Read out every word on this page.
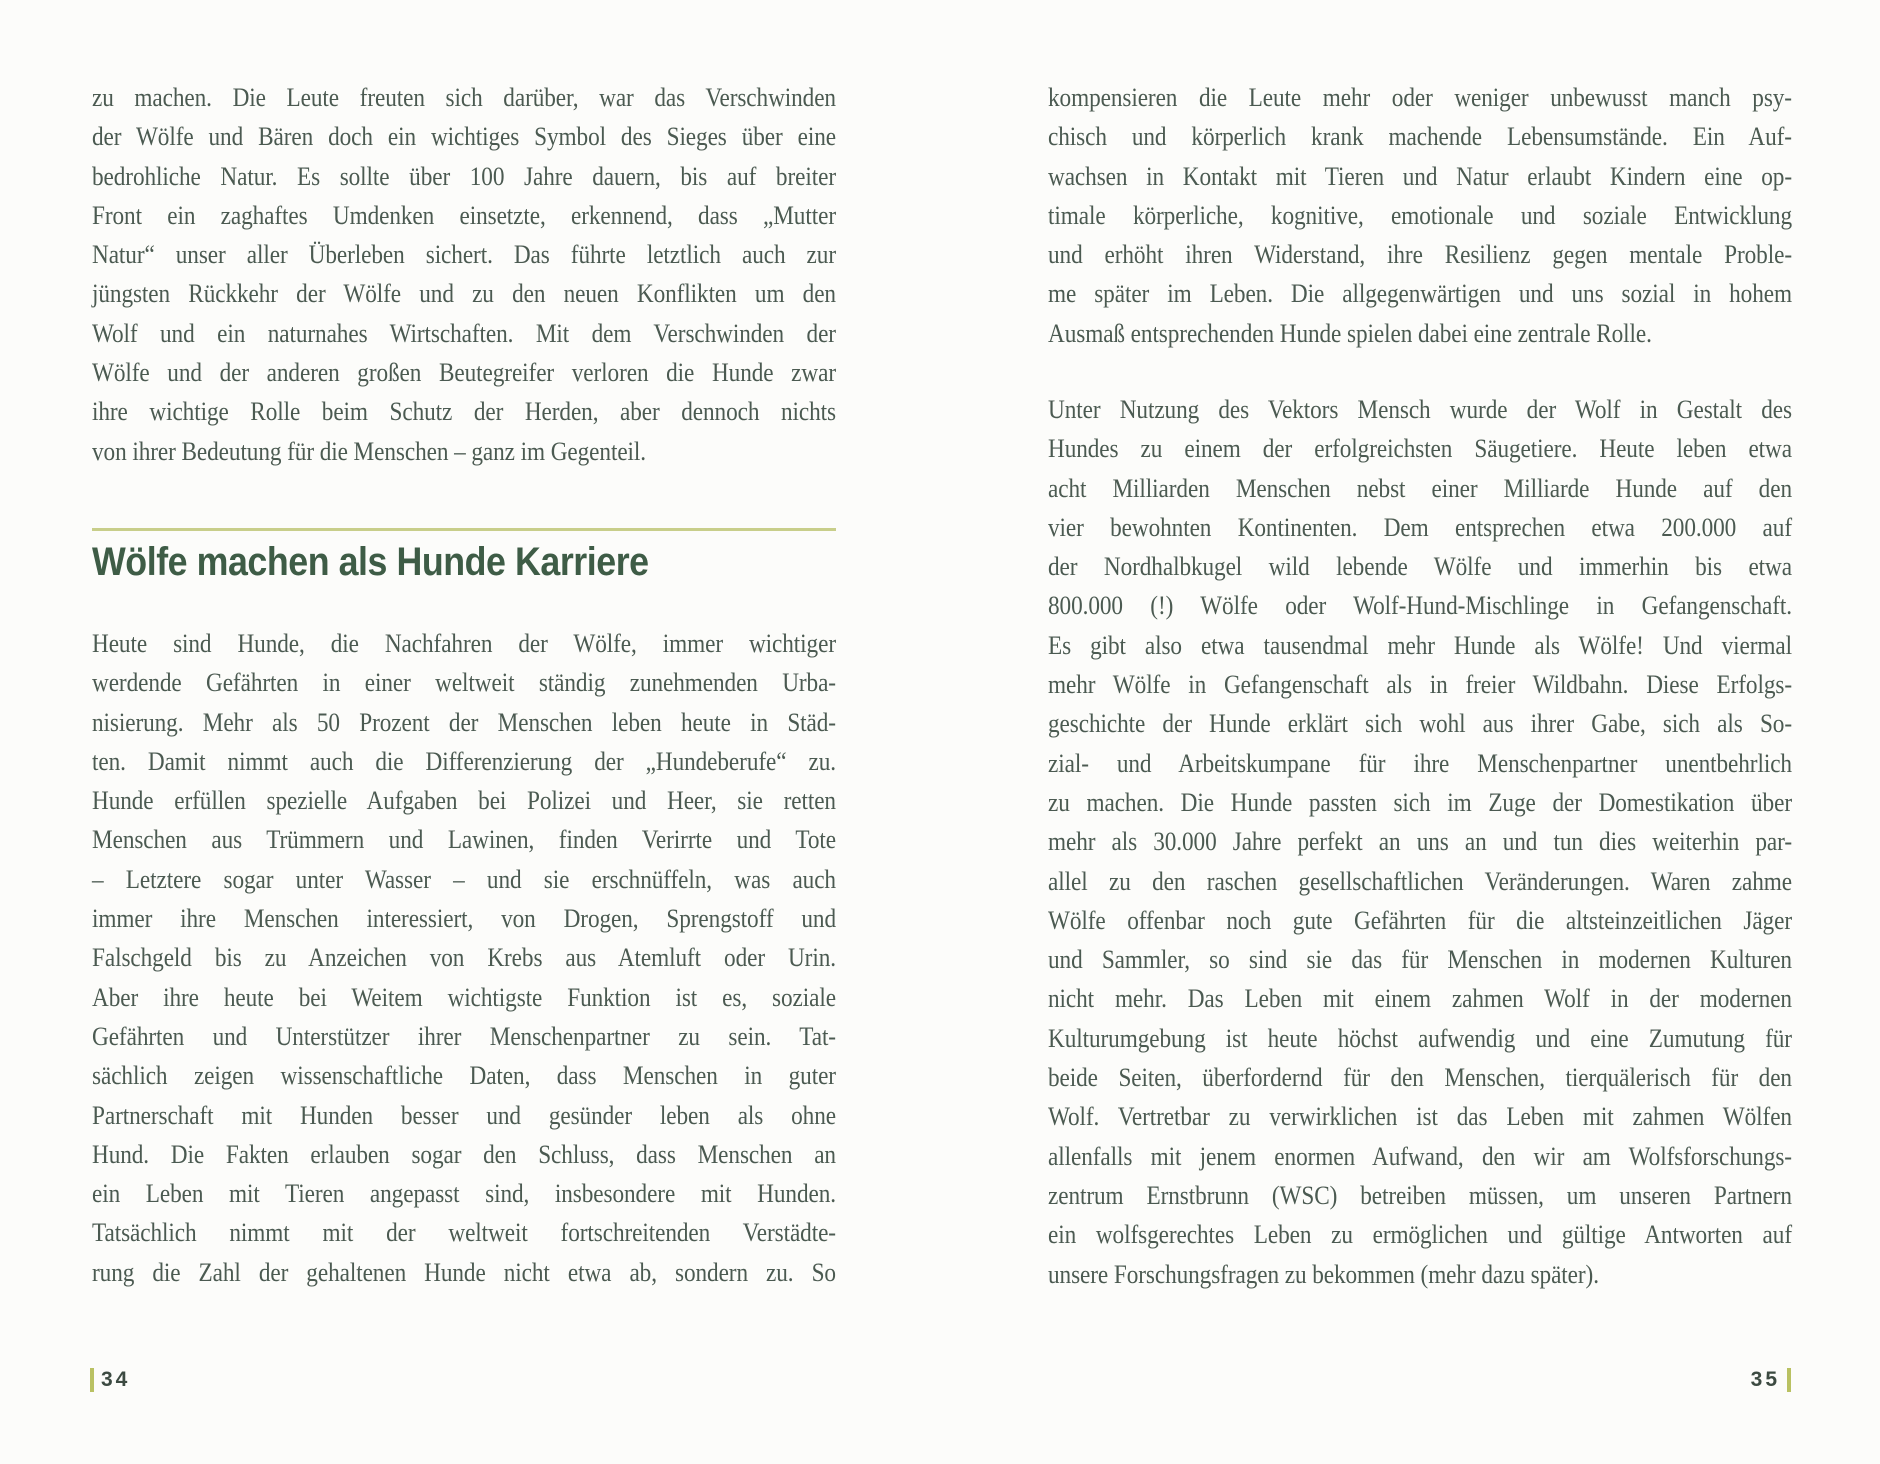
zu machen. Die Leute freuten sich darüber, war das Verschwinden
der Wölfe und Bären doch ein wichtiges Symbol des Sieges über eine
bedrohliche Natur. Es sollte über 100 Jahre dauern, bis auf breiter
Front ein zaghaftes Umdenken einsetzte, erkennend, dass „Mutter
Natur“ unser aller Überleben sichert. Das führte letztlich auch zur
jüngsten Rückkehr der Wölfe und zu den neuen Konflikten um den
Wolf und ein naturnahes Wirtschaften. Mit dem Verschwinden der
Wölfe und der anderen großen Beutegreifer verloren die Hunde zwar
ihre wichtige Rolle beim Schutz der Herden, aber dennoch nichts
von ihrer Bedeutung für die Menschen – ganz im Gegenteil.
Wölfe machen als Hunde Karriere
Heute sind Hunde, die Nachfahren der Wölfe, immer wichtiger
werdende Gefährten in einer weltweit ständig zunehmenden Urba-
nisierung. Mehr als 50 Prozent der Menschen leben heute in Städ-
ten. Damit nimmt auch die Differenzierung der „Hundeberufe“ zu.
Hunde erfüllen spezielle Aufgaben bei Polizei und Heer, sie retten
Menschen aus Trümmern und Lawinen, finden Verirrte und Tote
– Letztere sogar unter Wasser – und sie erschnüffeln, was auch
immer ihre Menschen interessiert, von Drogen, Sprengstoff und
Falschgeld bis zu Anzeichen von Krebs aus Atemluft oder Urin.
Aber ihre heute bei Weitem wichtigste Funktion ist es, soziale
Gefährten und Unterstützer ihrer Menschenpartner zu sein. Tat-
sächlich zeigen wissenschaftliche Daten, dass Menschen in guter
Partnerschaft mit Hunden besser und gesünder leben als ohne
Hund. Die Fakten erlauben sogar den Schluss, dass Menschen an
ein Leben mit Tieren angepasst sind, insbesondere mit Hunden.
Tatsächlich nimmt mit der weltweit fortschreitenden Verstädte-
rung die Zahl der gehaltenen Hunde nicht etwa ab, sondern zu. So
34
kompensieren die Leute mehr oder weniger unbewusst manch psy-
chisch und körperlich krank machende Lebensumstände. Ein Auf-
wachsen in Kontakt mit Tieren und Natur erlaubt Kindern eine op-
timale körperliche, kognitive, emotionale und soziale Entwicklung
und erhöht ihren Widerstand, ihre Resilienz gegen mentale Proble-
me später im Leben. Die allgegenwärtigen und uns sozial in hohem
Ausmaß entsprechenden Hunde spielen dabei eine zentrale Rolle.
Unter Nutzung des Vektors Mensch wurde der Wolf in Gestalt des
Hundes zu einem der erfolgreichsten Säugetiere. Heute leben etwa
acht Milliarden Menschen nebst einer Milliarde Hunde auf den
vier bewohnten Kontinenten. Dem entsprechen etwa 200.000 auf
der Nordhalbkugel wild lebende Wölfe und immerhin bis etwa
800.000 (!) Wölfe oder Wolf-Hund-Mischlinge in Gefangenschaft.
Es gibt also etwa tausendmal mehr Hunde als Wölfe! Und viermal
mehr Wölfe in Gefangenschaft als in freier Wildbahn. Diese Erfolgs-
geschichte der Hunde erklärt sich wohl aus ihrer Gabe, sich als So-
zial- und Arbeitskumpane für ihre Menschenpartner unentbehrlich
zu machen. Die Hunde passten sich im Zuge der Domestikation über
mehr als 30.000 Jahre perfekt an uns an und tun dies weiterhin par-
allel zu den raschen gesellschaftlichen Veränderungen. Waren zahme
Wölfe offenbar noch gute Gefährten für die altsteinzeitlichen Jäger
und Sammler, so sind sie das für Menschen in modernen Kulturen
nicht mehr. Das Leben mit einem zahmen Wolf in der modernen
Kulturumgebung ist heute höchst aufwendig und eine Zumutung für
beide Seiten, überfordernd für den Menschen, tierquälerisch für den
Wolf. Vertretbar zu verwirklichen ist das Leben mit zahmen Wölfen
allenfalls mit jenem enormen Aufwand, den wir am Wolfsforschungs-
zentrum Ernstbrunn (WSC) betreiben müssen, um unseren Partnern
ein wolfsgerechtes Leben zu ermöglichen und gültige Antworten auf
unsere Forschungsfragen zu bekommen (mehr dazu später).
35
